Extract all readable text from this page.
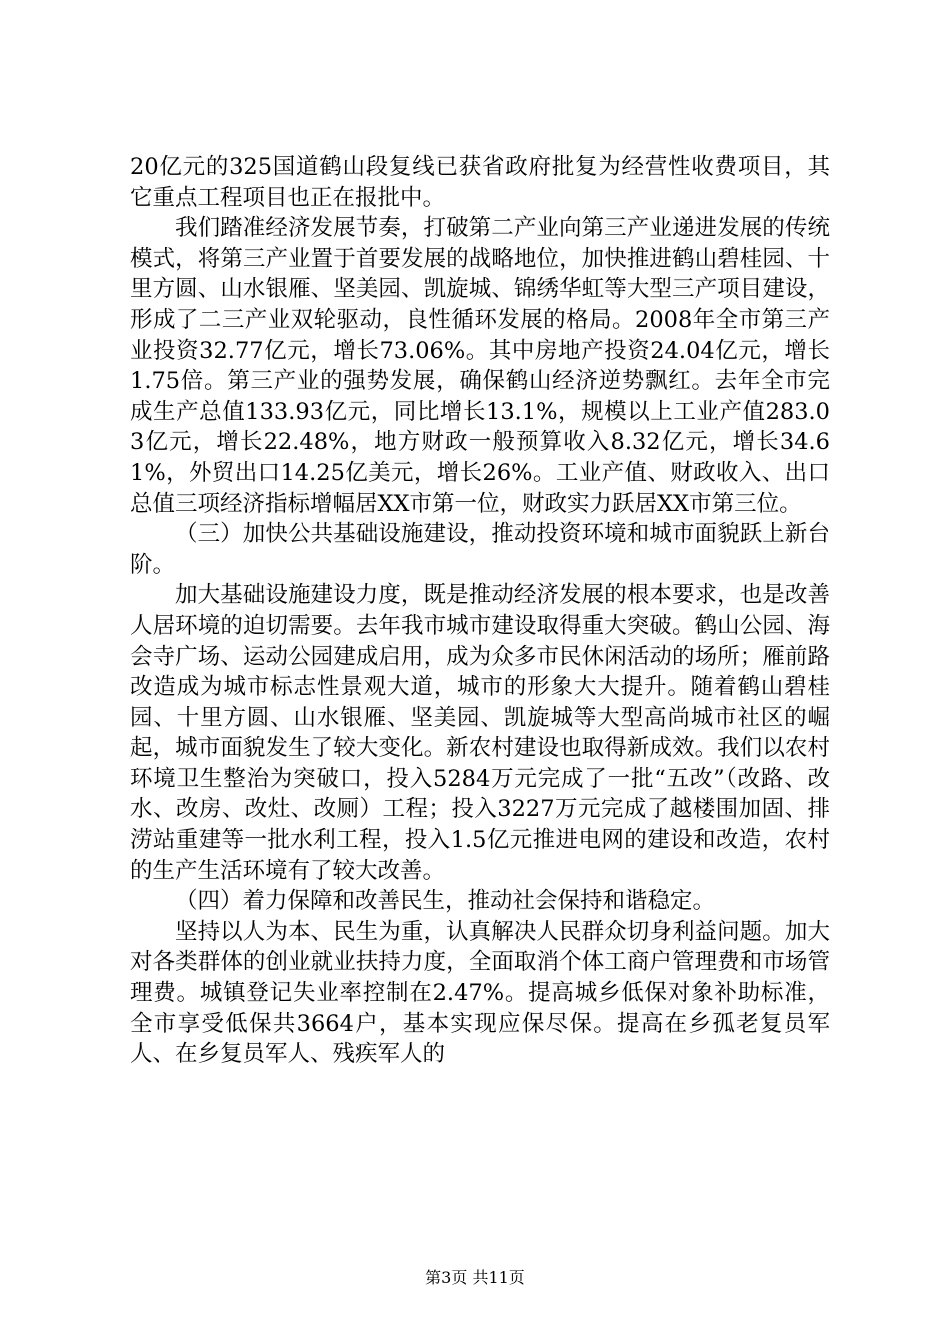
20亿元的325国道鹤山段复线已获省政府批复为经营性收费项目，其它重点工程项目也正在报批中。

我们踏准经济发展节奏，打破第二产业向第三产业递进发展的传统模式，将第三产业置于首要发展的战略地位，加快推进鹤山碧桂园、十里方圆、山水银雁、坚美园、凯旋城、锦绣华虹等大型三产项目建设，形成了二三产业双轮驱动，良性循环发展的格局。2008年全市第三产业投资32.77亿元，增长73.06%。其中房地产投资24.04亿元，增长1.75倍。第三产业的强势发展，确保鹤山经济逆势飘红。去年全市完成生产总值133.93亿元，同比增长13.1%，规模以上工业产值283.03亿元，增长22.48%，地方财政一般预算收入8.32亿元，增长34.61%，外贸出口14.25亿美元，增长26%。工业产值、财政收入、出口总值三项经济指标增幅居XX市第一位，财政实力跃居XX市第三位。

（三）加快公共基础设施建设，推动投资环境和城市面貌跃上新台阶。

加大基础设施建设力度，既是推动经济发展的根本要求，也是改善人居环境的迫切需要。去年我市城市建设取得重大突破。鹤山公园、海会寺广场、运动公园建成启用，成为众多市民休闲活动的场所；雁前路改造成为城市标志性景观大道，城市的形象大大提升。随着鹤山碧桂园、十里方圆、山水银雁、坚美园、凯旋城等大型高尚城市社区的崛起，城市面貌发生了较大变化。新农村建设也取得新成效。我们以农村环境卫生整治为突破口，投入5284万元完成了一批“五改”（改路、改水、改房、改灶、改厕）工程；投入3227万元完成了越楼围加固、排涝站重建等一批水利工程，投入1.5亿元推进电网的建设和改造，农村的生产生活环境有了较大改善。

（四）着力保障和改善民生，推动社会保持和谐稳定。

坚持以人为本、民生为重，认真解决人民群众切身利益问题。加大对各类群体的创业就业扶持力度，全面取消个体工商户管理费和市场管理费。城镇登记失业率控制在2.47%。提高城乡低保对象补助标准，全市享受低保共3664户，基本实现应保尽保。提高在乡孤老复员军人、在乡复员军人、残疾军人的

第3页 共11页
